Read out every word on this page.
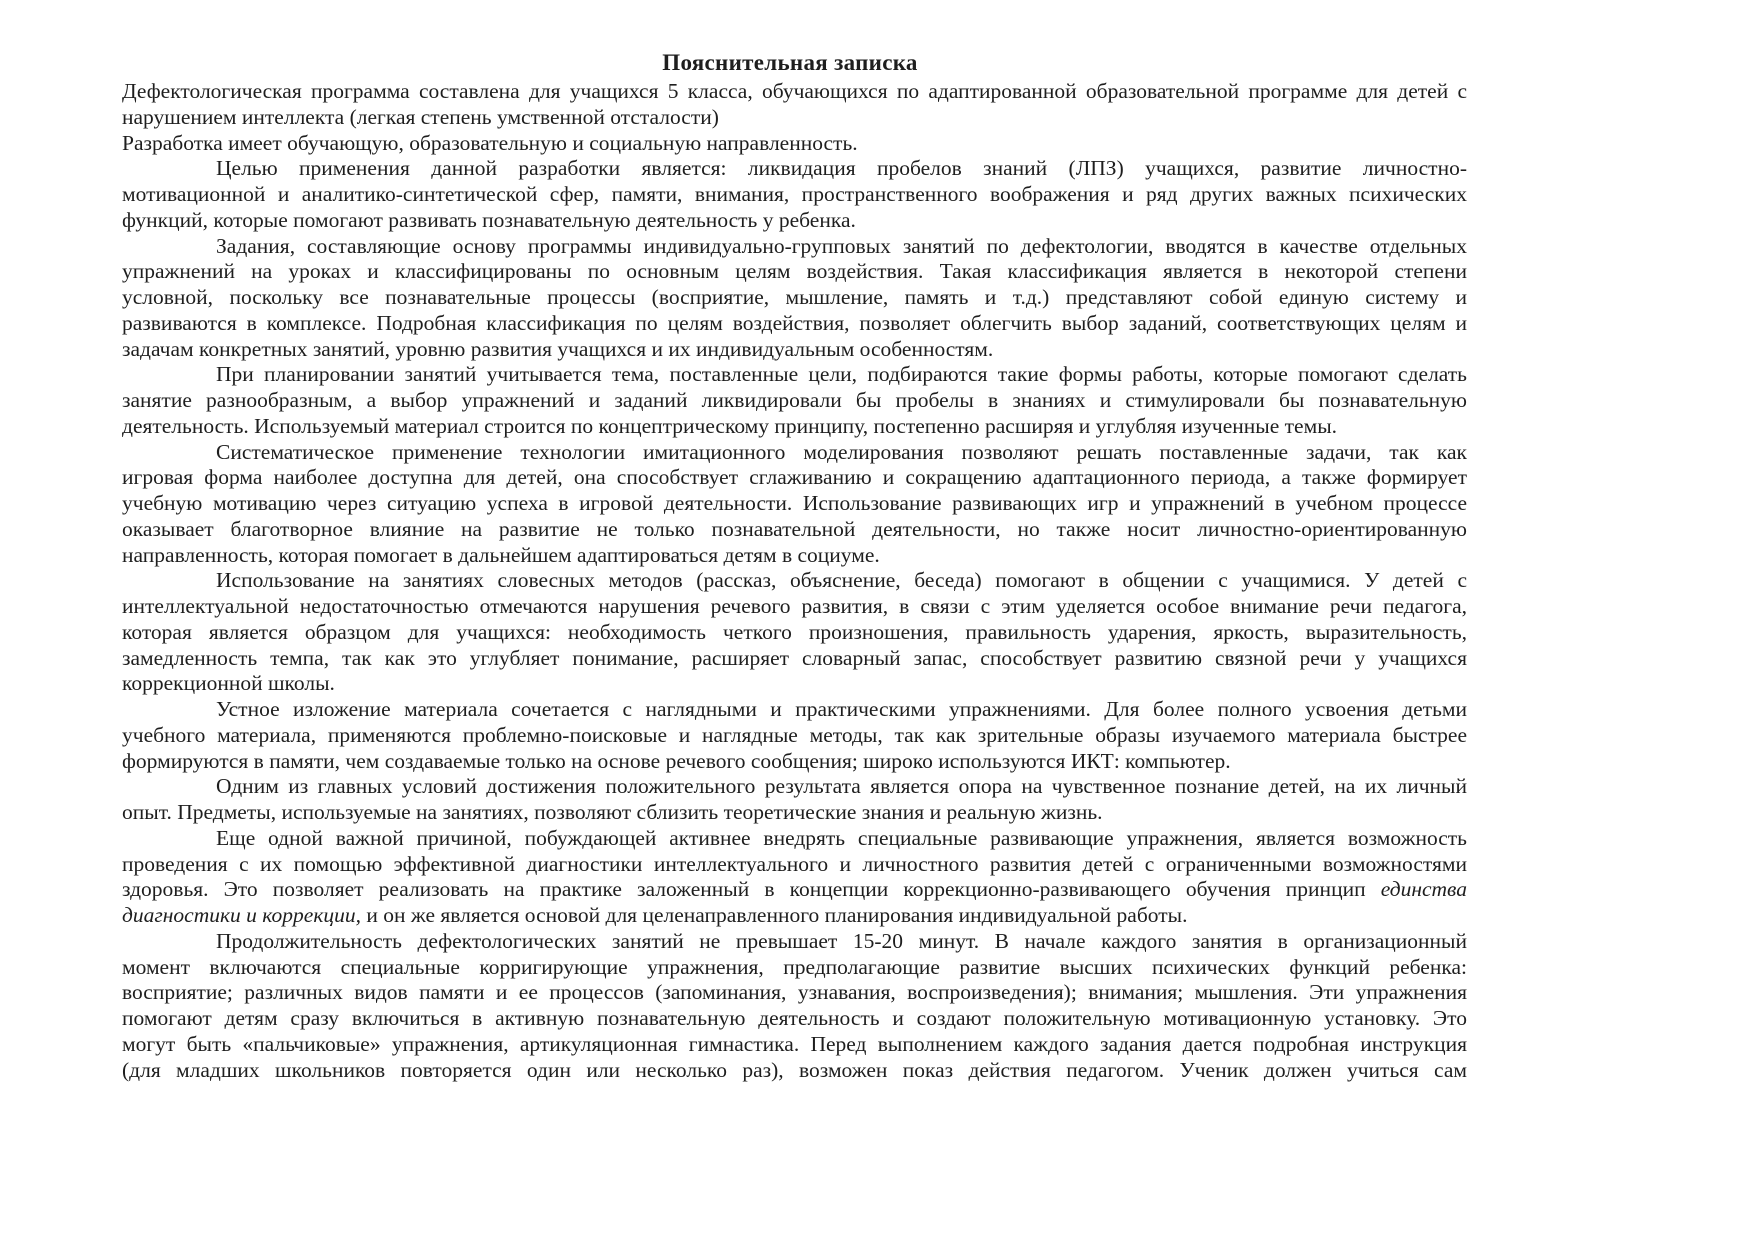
Пояснительная записка
Дефектологическая программа составлена для учащихся 5 класса, обучающихся по адаптированной образовательной программе для детей с
нарушением интеллекта (легкая степень умственной отсталости)
Разработка имеет обучающую, образовательную и социальную направленность.
Целью применения данной разработки является: ликвидация пробелов знаний (ЛПЗ) учащихся, развитие личностно-
мотивационной и аналитико-синтетической сфер, памяти, внимания, пространственного воображения и ряд других важных психических
функций, которые помогают развивать познавательную деятельность у ребенка.
Задания, составляющие основу программы индивидуально-групповых занятий по дефектологии, вводятся в качестве отдельных
упражнений на уроках и классифицированы по основным целям воздействия. Такая классификация является в некоторой степени
условной, поскольку все познавательные процессы (восприятие, мышление, память и т.д.) представляют собой единую систему и
развиваются в комплексе. Подробная классификация по целям воздействия, позволяет облегчить выбор заданий, соответствующих целям и
задачам конкретных занятий, уровню развития учащихся и их индивидуальным особенностям.
При планировании занятий учитывается тема, поставленные цели, подбираются такие формы работы, которые помогают сделать
занятие разнообразным, а выбор упражнений и заданий ликвидировали бы пробелы в знаниях и стимулировали бы познавательную
деятельность. Используемый материал строится по концептрическому принципу, постепенно расширяя и углубляя изученные темы.
Систематическое применение технологии имитационного моделирования позволяют решать поставленные задачи, так как
игровая форма наиболее доступна для детей, она способствует сглаживанию и сокращению адаптационного периода, а также формирует
учебную мотивацию через ситуацию успеха в игровой деятельности. Использование развивающих игр и упражнений в учебном процессе
оказывает благотворное влияние на развитие не только познавательной деятельности, но также носит личностно-ориентированную
направленность, которая помогает в дальнейшем адаптироваться детям в социуме.
Использование на занятиях словесных методов (рассказ, объяснение, беседа) помогают в общении с учащимися. У детей с
интеллектуальной недостаточностью отмечаются нарушения речевого развития, в связи с этим уделяется особое внимание речи педагога,
которая является образцом для учащихся: необходимость четкого произношения, правильность ударения, яркость, выразительность,
замедленность темпа, так как это углубляет понимание, расширяет словарный запас, способствует развитию связной речи у учащихся
коррекционной школы.
Устное изложение материала сочетается с наглядными и практическими упражнениями. Для более полного усвоения детьми
учебного материала, применяются проблемно-поисковые и наглядные методы, так как зрительные образы изучаемого материала быстрее
формируются в памяти, чем создаваемые только на основе речевого сообщения; широко используются ИКТ: компьютер.
Одним из главных условий достижения положительного результата является опора на чувственное познание детей, на их личный
опыт. Предметы, используемые на занятиях, позволяют сблизить теоретические знания и реальную жизнь.
Еще одной важной причиной, побуждающей активнее внедрять специальные развивающие упражнения, является возможность
проведения с их помощью эффективной диагностики интеллектуального и личностного развития детей с ограниченными возможностями
здоровья. Это позволяет реализовать на практике заложенный в концепции коррекционно-развивающего обучения принцип единства
диагностики и коррекции, и он же является основой для целенаправленного планирования индивидуальной работы.
Продолжительность дефектологических занятий не превышает 15-20 минут. В начале каждого занятия в организационный
момент включаются специальные корригирующие упражнения, предполагающие развитие высших психических функций ребенка:
восприятие; различных видов памяти и ее процессов (запоминания, узнавания, воспроизведения); внимания; мышления. Эти упражнения
помогают детям сразу включиться в активную познавательную деятельность и создают положительную мотивационную установку. Это
могут быть «пальчиковые» упражнения, артикуляционная гимнастика. Перед выполнением каждого задания дается подробная инструкция
(для младших школьников повторяется один или несколько раз), возможен показ действия педагогом. Ученик должен учиться сам
